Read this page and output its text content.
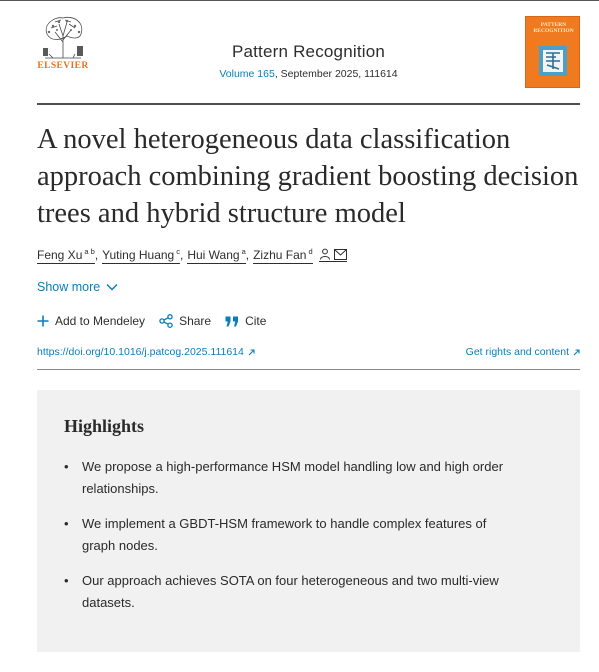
ELSEVIER
Pattern Recognition
Volume 165, September 2025, 111614
PATTERN
RECOGNITION
A novel heterogeneous data classification approach combining gradient boosting decision trees and hybrid structure model
Feng Xu $^{a b}$ , Yuting Huang $^c$ , Hui Wang $^a$ , Zizhu Fan $^d$
Show more
Add to Mendeley	Share	Cite
https://doi.org/10.1016/j.patcog.2025.111614	Get rights and content
Highlights
• We propose a high-performance HSM model handling low and high order relationships.
• We implement a GBDT-HSM framework to handle complex features of graph nodes.
• Our approach achieves SOTA on four heterogeneous and two multi-view datasets.
